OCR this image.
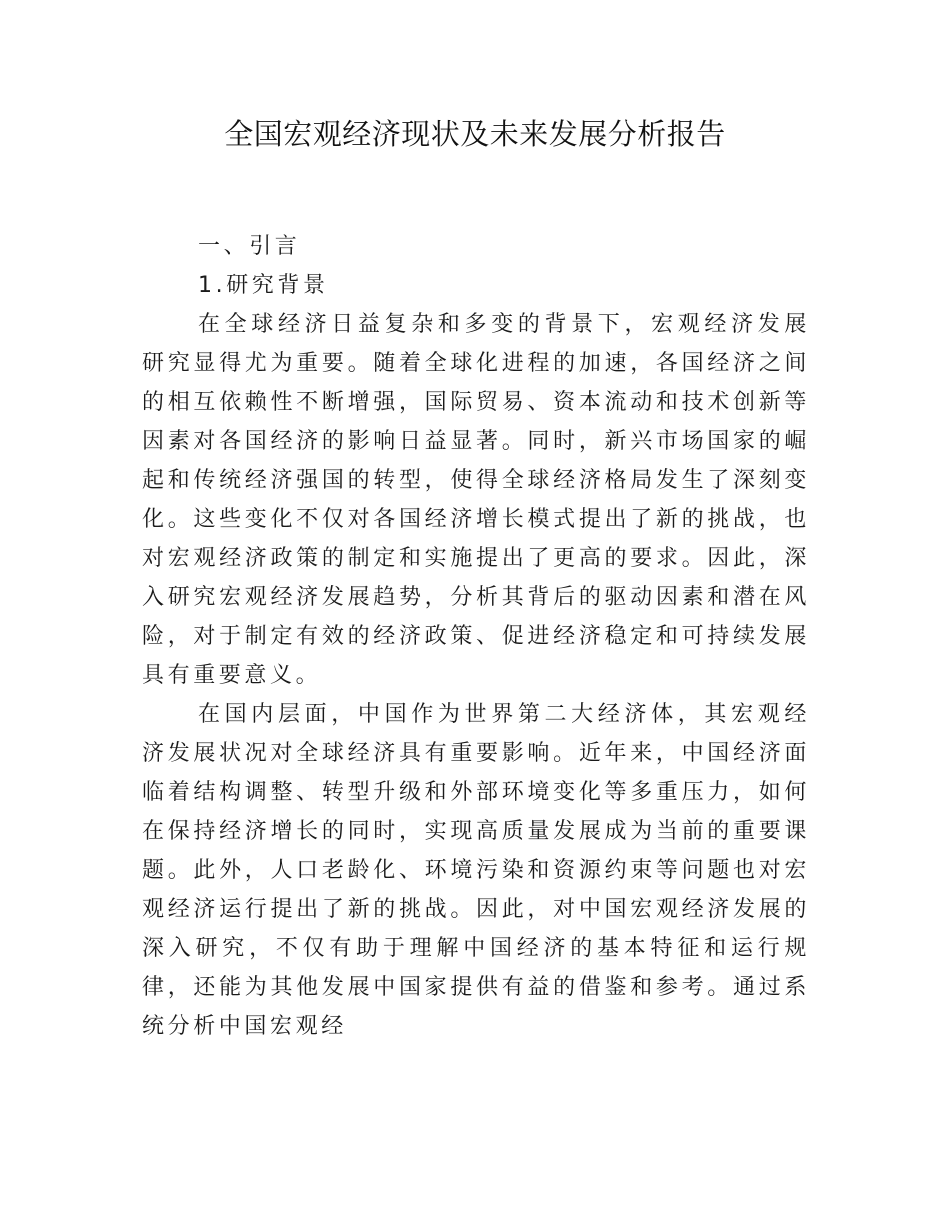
全国宏观经济现状及未来发展分析报告

一、引言

1.研究背景

在全球经济日益复杂和多变的背景下，宏观经济发展研究显得尤为重要。随着全球化进程的加速，各国经济之间的相互依赖性不断增强，国际贸易、资本流动和技术创新等因素对各国经济的影响日益显著。同时，新兴市场国家的崛起和传统经济强国的转型，使得全球经济格局发生了深刻变化。这些变化不仅对各国经济增长模式提出了新的挑战，也对宏观经济政策的制定和实施提出了更高的要求。因此，深入研究宏观经济发展趋势，分析其背后的驱动因素和潜在风险，对于制定有效的经济政策、促进经济稳定和可持续发展具有重要意义。

在国内层面，中国作为世界第二大经济体，其宏观经济发展状况对全球经济具有重要影响。近年来，中国经济面临着结构调整、转型升级和外部环境变化等多重压力，如何在保持经济增长的同时，实现高质量发展成为当前的重要课题。此外，人口老龄化、环境污染和资源约束等问题也对宏观经济运行提出了新的挑战。因此，对中国宏观经济发展的深入研究，不仅有助于理解中国经济的基本特征和运行规律，还能为其他发展中国家提供有益的借鉴和参考。通过系统分析中国宏观经
